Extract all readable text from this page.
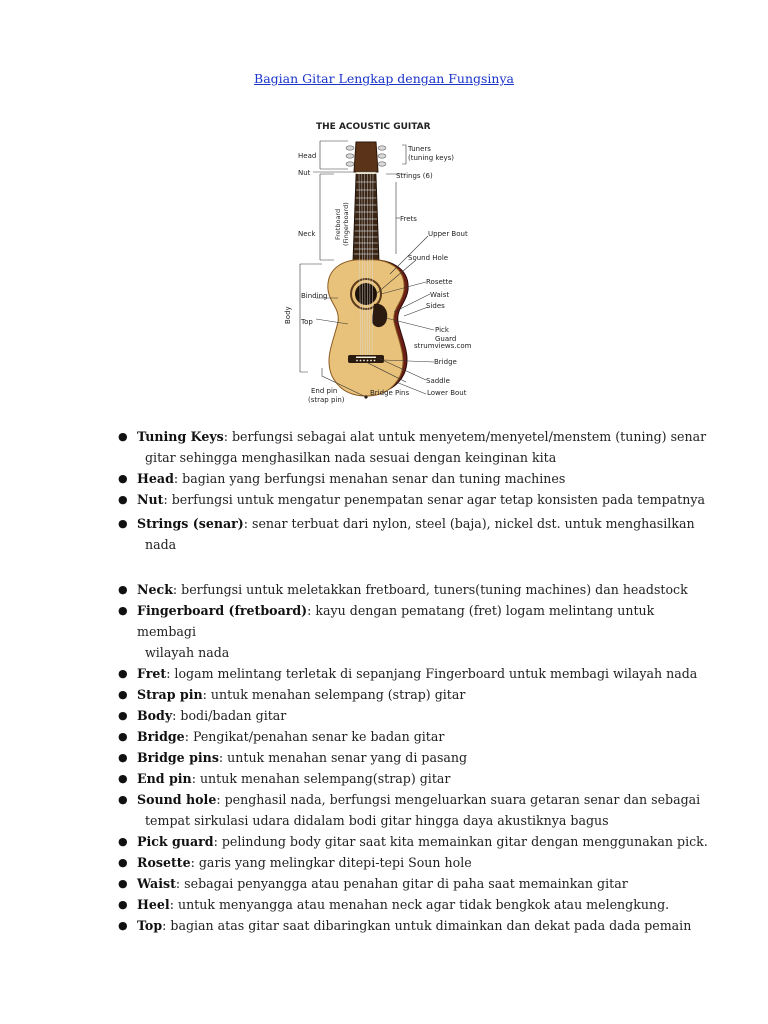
Bagian Gitar Lengkap dengan Fungsinya
THE ACOUSTIC GUITAR
strumviews.com
Head
Nut
Neck
Body
Binding
Top
End pin
(strap pin)
Bridge Pins
Fretboard (Fingerboard)
Tuners
(tuning keys)
Strings (6)
Frets
Upper Bout
Sound Hole
Rosette
Waist
Sides
Pick
Guard
Bridge
Saddle
Lower Bout
● Tuning Keys: berfungsi sebagai alat untuk menyetem/menyetel/menstem (tuning) senar
gitar sehingga menghasilkan nada sesuai dengan keinginan kita
● Head: bagian yang berfungsi menahan senar dan tuning machines
● Nut: berfungsi untuk mengatur penempatan senar agar tetap konsisten pada tempatnya
● Strings (senar): senar terbuat dari nylon, steel (baja), nickel dst. untuk menghasilkan
nada
● Neck: berfungsi untuk meletakkan fretboard, tuners(tuning machines) dan headstock
● Fingerboard (fretboard): kayu dengan pematang (fret) logam melintang untuk membagi
wilayah nada
● Fret: logam melintang terletak di sepanjang Fingerboard untuk membagi wilayah nada
● Strap pin: untuk menahan selempang (strap) gitar
● Body: bodi/badan gitar
● Bridge: Pengikat/penahan senar ke badan gitar
● Bridge pins: untuk menahan senar yang di pasang
● End pin: untuk menahan selempang(strap) gitar
● Sound hole: penghasil nada, berfungsi mengeluarkan suara getaran senar dan sebagai
tempat sirkulasi udara didalam bodi gitar hingga daya akustiknya bagus
● Pick guard: pelindung body gitar saat kita memainkan gitar dengan menggunakan pick.
● Rosette: garis yang melingkar ditepi-tepi Soun hole
● Waist: sebagai penyangga atau penahan gitar di paha saat memainkan gitar
● Heel: untuk menyangga atau menahan neck agar tidak bengkok atau melengkung.
● Top: bagian atas gitar saat dibaringkan untuk dimainkan dan dekat pada dada pemain
